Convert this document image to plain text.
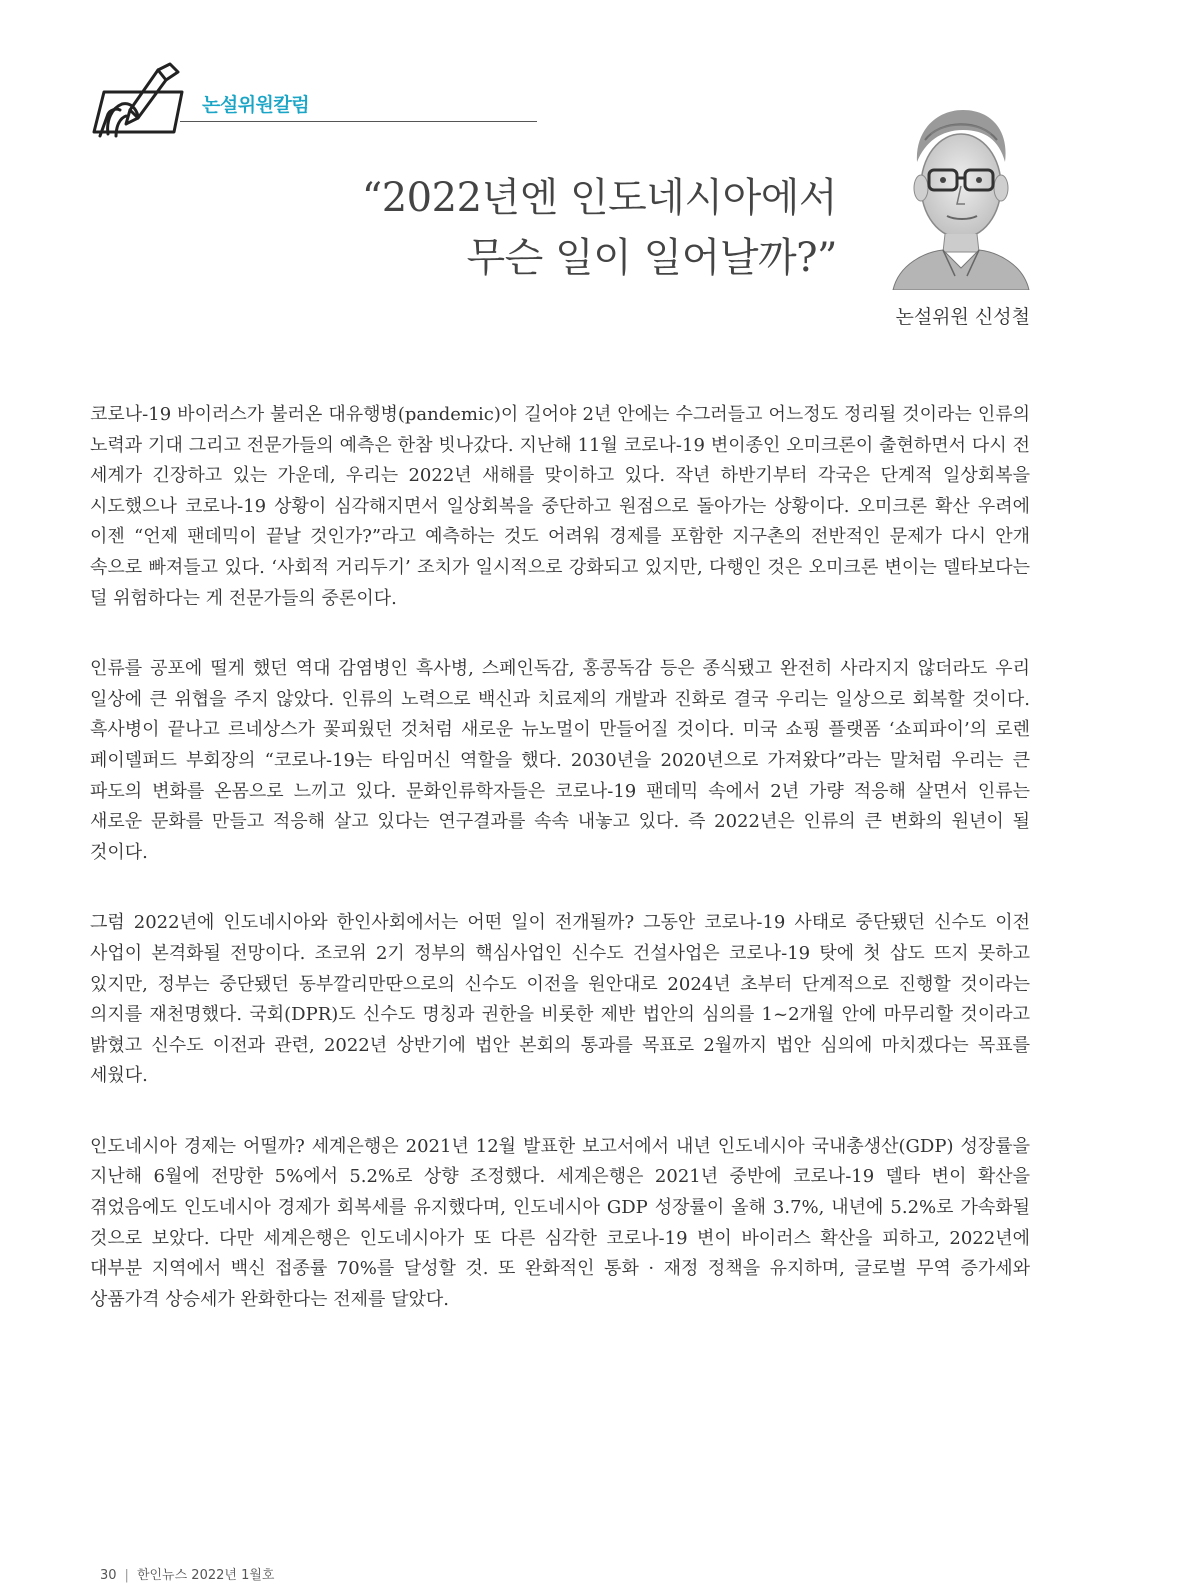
논설위원칼럼
“2022년엔 인도네시아에서
무슨 일이 일어날까?”
논설위원 신성철

코로나-19 바이러스가 불러온 대유행병(pandemic)이 길어야 2년 안에는 수그러들고 어느정도 정리될 것이라는 인류의 노력과 기대 그리고 전문가들의 예측은 한참 빗나갔다. 지난해 11월 코로나-19 변이종인 오미크론이 출현하면서 다시 전 세계가 긴장하고 있는 가운데, 우리는 2022년 새해를 맞이하고 있다. 작년 하반기부터 각국은 단계적 일상회복을 시도했으나 코로나-19 상황이 심각해지면서 일상회복을 중단하고 원점으로 돌아가는 상황이다. 오미크론 확산 우려에 이젠 “언제 팬데믹이 끝날 것인가?”라고 예측하는 것도 어려워 경제를 포함한 지구촌의 전반적인 문제가 다시 안개 속으로 빠져들고 있다. ‘사회적 거리두기’ 조치가 일시적으로 강화되고 있지만, 다행인 것은 오미크론 변이는 델타보다는 덜 위험하다는 게 전문가들의 중론이다.

인류를 공포에 떨게 했던 역대 감염병인 흑사병, 스페인독감, 홍콩독감 등은 종식됐고 완전히 사라지지 않더라도 우리 일상에 큰 위협을 주지 않았다. 인류의 노력으로 백신과 치료제의 개발과 진화로 결국 우리는 일상으로 회복할 것이다. 흑사병이 끝나고 르네상스가 꽃피웠던 것처럼 새로운 뉴노멀이 만들어질 것이다. 미국 쇼핑 플랫폼 ‘쇼피파이’의 로렌 페이델퍼드 부회장의 “코로나-19는 타임머신 역할을 했다. 2030년을 2020년으로 가져왔다”라는 말처럼 우리는 큰 파도의 변화를 온몸으로 느끼고 있다. 문화인류학자들은 코로나-19 팬데믹 속에서 2년 가량 적응해 살면서 인류는 새로운 문화를 만들고 적응해 살고 있다는 연구결과를 속속 내놓고 있다. 즉 2022년은 인류의 큰 변화의 원년이 될 것이다.

그럼 2022년에 인도네시아와 한인사회에서는 어떤 일이 전개될까? 그동안 코로나-19 사태로 중단됐던 신수도 이전 사업이 본격화될 전망이다. 조코위 2기 정부의 핵심사업인 신수도 건설사업은 코로나-19 탓에 첫 삽도 뜨지 못하고 있지만, 정부는 중단됐던 동부깔리만딴으로의 신수도 이전을 원안대로 2024년 초부터 단계적으로 진행할 것이라는 의지를 재천명했다. 국회(DPR)도 신수도 명칭과 권한을 비롯한 제반 법안의 심의를 1~2개월 안에 마무리할 것이라고 밝혔고 신수도 이전과 관련, 2022년 상반기에 법안 본회의 통과를 목표로 2월까지 법안 심의에 마치겠다는 목표를 세웠다.

인도네시아 경제는 어떨까? 세계은행은 2021년 12월 발표한 보고서에서 내년 인도네시아 국내총생산(GDP) 성장률을 지난해 6월에 전망한 5%에서 5.2%로 상향 조정했다. 세계은행은 2021년 중반에 코로나-19 델타 변이 확산을 겪었음에도 인도네시아 경제가 회복세를 유지했다며, 인도네시아 GDP 성장률이 올해 3.7%, 내년에 5.2%로 가속화될 것으로 보았다. 다만 세계은행은 인도네시아가 또 다른 심각한 코로나-19 변이 바이러스 확산을 피하고, 2022년에 대부분 지역에서 백신 접종률 70%를 달성할 것. 또 완화적인 통화 · 재정 정책을 유지하며, 글로벌 무역 증가세와 상품가격 상승세가 완화한다는 전제를 달았다.

30 | 한인뉴스 2022년 1월호
